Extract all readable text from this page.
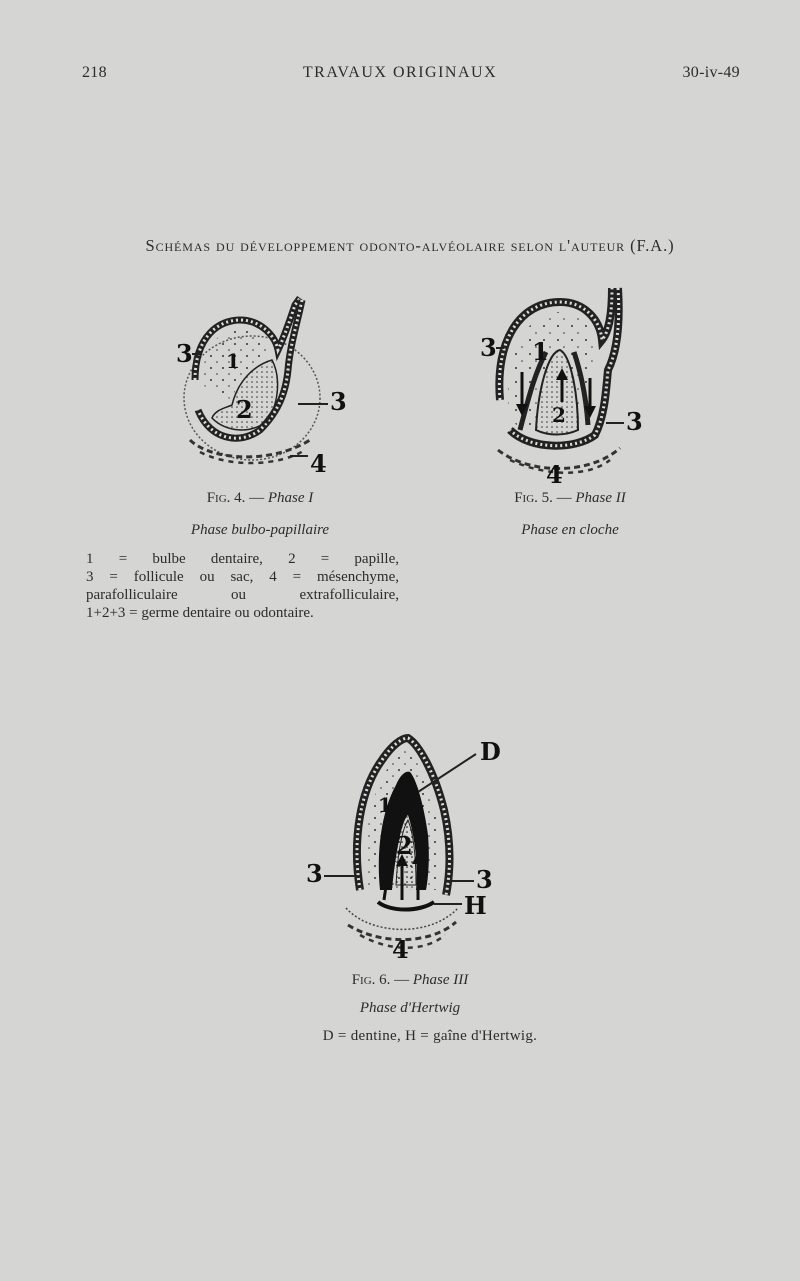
218	TRAVAUX ORIGINAUX	30-iv-49
Schémas du développement odonto-alvéolaire selon l'auteur (F.A.)
3 1
2	3
4
Fig. 4. — Phase I
Phase bulbo-papillaire
1 = bulbe dentaire, 2 = papille,
3 = follicule ou sac, 4 = mésenchyme,
parafolliculaire ou extrafolliculaire,
1+2+3 = germe dentaire ou odontaire.
3 1
2	3
4
Fig. 5. — Phase II
Phase en cloche
D
1
2
3	3
H
4
Fig. 6. — Phase III
Phase d'Hertwig
D = dentine, H = gaîne d'Hertwig.
